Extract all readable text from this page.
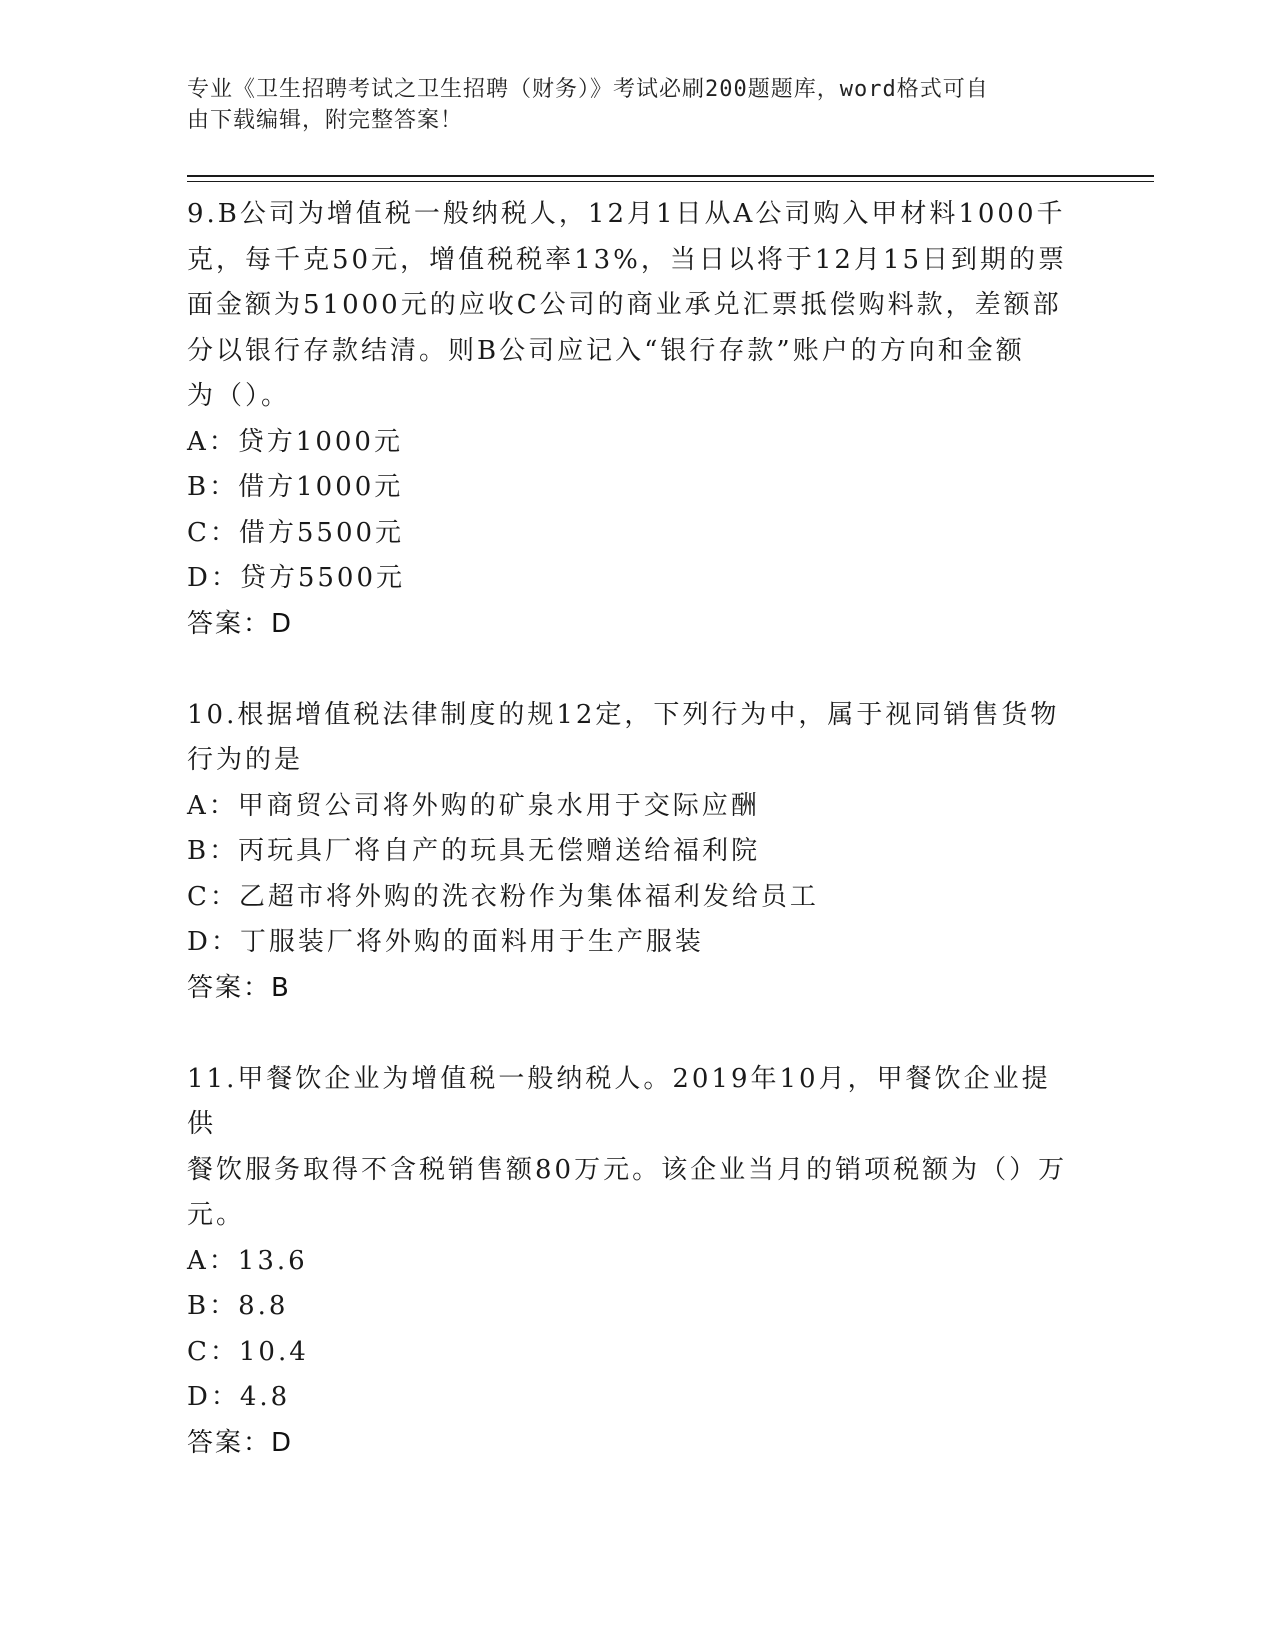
专业《卫生招聘考试之卫生招聘（财务）》考试必刷200题题库，word格式可自
由下载编辑，附完整答案！
9.B公司为增值税一般纳税人，12月1日从A公司购入甲材料1000千
克，每千克50元，增值税税率13%，当日以将于12月15日到期的票
面金额为51000元的应收C公司的商业承兑汇票抵偿购料款，差额部
分以银行存款结清。则B公司应记入“银行存款”账户的方向和金额
为（）。
A：贷方1000元
B：借方1000元
C：借方5500元
D：贷方5500元
答案：D
10.根据增值税法律制度的规12定，下列行为中，属于视同销售货物
行为的是
A：甲商贸公司将外购的矿泉水用于交际应酬
B：丙玩具厂将自产的玩具无偿赠送给福利院
C：乙超市将外购的洗衣粉作为集体福利发给员工
D：丁服装厂将外购的面料用于生产服装
答案：B
11.甲餐饮企业为增值税一般纳税人。2019年10月，甲餐饮企业提供
餐饮服务取得不含税销售额80万元。该企业当月的销项税额为（）万
元。
A：13.6
B：8.8
C：10.4
D：4.8
答案：D
